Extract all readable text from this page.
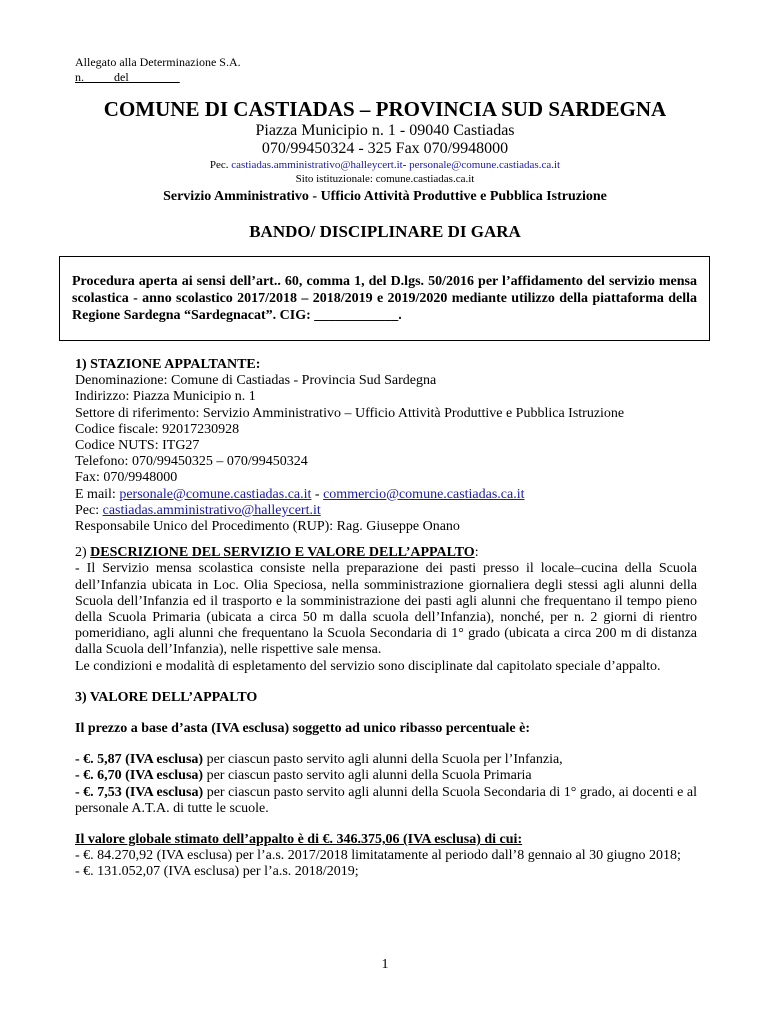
Allegato alla Determinazione S.A.
n._____del ________
COMUNE DI CASTIADAS – PROVINCIA SUD SARDEGNA
Piazza Municipio n. 1 - 09040 Castiadas
070/99450324 - 325 Fax 070/9948000
Pec. castiadas.amministrativo@halleycert.it- personale@comune.castiadas.ca.it
Sito istituzionale: comune.castiadas.ca.it
Servizio Amministrativo - Ufficio Attività Produttive e Pubblica Istruzione
BANDO/ DISCIPLINARE DI GARA
Procedura aperta ai sensi dell’art.. 60, comma 1, del D.lgs. 50/2016 per l’affidamento del servizio mensa scolastica - anno scolastico 2017/2018 – 2018/2019 e 2019/2020 mediante utilizzo della piattaforma della Regione Sardegna “Sardegnacat”. CIG: ____________.

1) STAZIONE APPALTANTE:

Denominazione: Comune di Castiadas - Provincia Sud Sardegna

Indirizzo: Piazza Municipio n. 1

Settore di riferimento: Servizio Amministrativo – Ufficio Attività Produttive e Pubblica Istruzione

Codice fiscale: 92017230928

Codice NUTS: ITG27

Telefono: 070/99450325 – 070/99450324

Fax: 070/9948000

E mail: personale@comune.castiadas.ca.it - commercio@comune.castiadas.ca.it

Pec: castiadas.amministrativo@halleycert.it

Responsabile Unico del Procedimento (RUP): Rag. Giuseppe Onano

2) DESCRIZIONE DEL SERVIZIO E VALORE DELL’APPALTO:

- Il Servizio mensa scolastica consiste nella preparazione dei pasti presso il locale–cucina della Scuola dell’Infanzia ubicata in Loc. Olia Speciosa, nella somministrazione giornaliera degli stessi agli alunni della Scuola dell’Infanzia ed il trasporto e la somministrazione dei pasti agli alunni che frequentano il tempo pieno della Scuola Primaria (ubicata a circa 50 m dalla scuola dell’Infanzia), nonché, per n. 2 giorni di rientro pomeridiano, agli alunni che frequentano la Scuola Secondaria di 1° grado (ubicata a circa 200 m di distanza dalla Scuola dell’Infanzia), nelle rispettive sale mensa.

Le condizioni e modalità di espletamento del servizio sono disciplinate dal capitolato speciale d’appalto.

3) VALORE DELL’APPALTO

Il prezzo a base d’asta (IVA esclusa) soggetto ad unico ribasso percentuale è:

- €. 5,87 (IVA esclusa) per ciascun pasto servito agli alunni della Scuola per l’Infanzia,

- €. 6,70 (IVA esclusa) per ciascun pasto servito agli alunni della Scuola Primaria

- €. 7,53 (IVA esclusa) per ciascun pasto servito agli alunni della Scuola Secondaria di 1° grado, ai docenti e al personale A.T.A. di tutte le scuole.

Il valore globale stimato dell’appalto è di €. 346.375,06 (IVA esclusa) di cui:

- €. 84.270,92 (IVA esclusa) per l’a.s. 2017/2018 limitatamente al periodo dall’8 gennaio al 30 giugno 2018;

- €. 131.052,07 (IVA esclusa) per l’a.s. 2018/2019;

1
